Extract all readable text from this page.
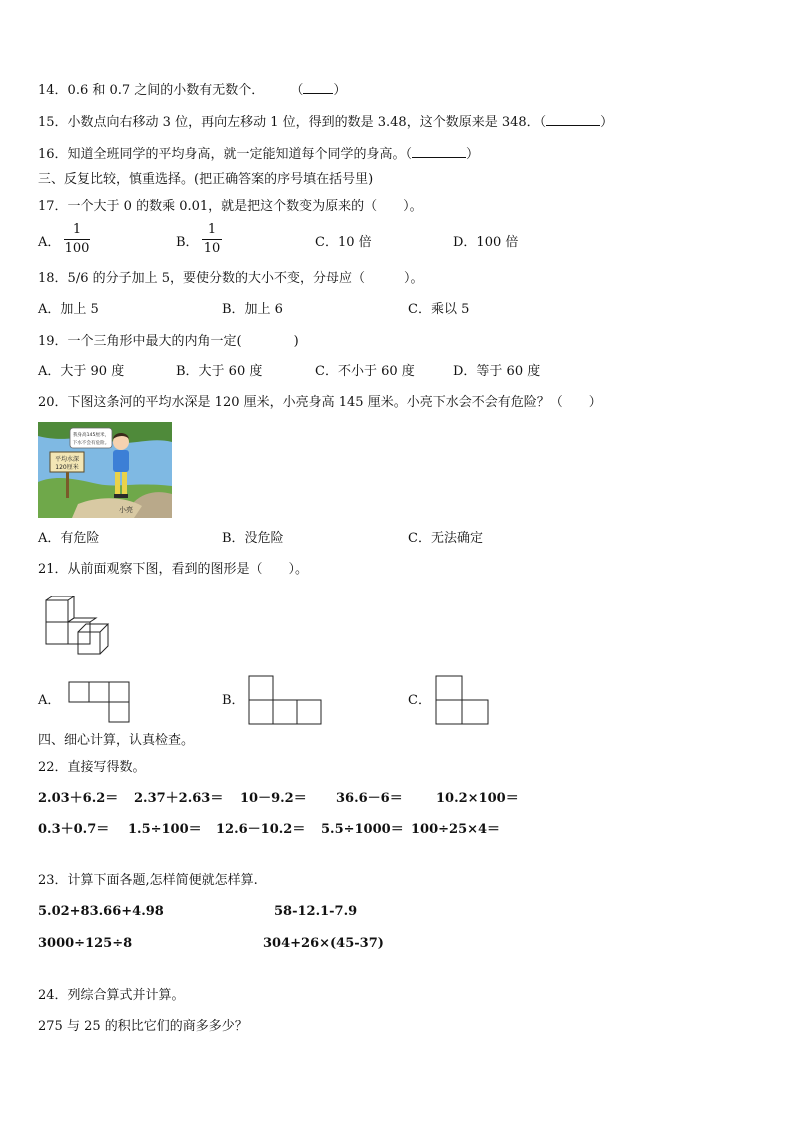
14．0.6 和 0.7 之间的小数有无数个．　　　	（ ）
15．小数点向右移动 3 位，再向左移动 1 位，得到的数是 3.48，这个数原来是 348．（	）
16．知道全班同学的平均身高，就一定能知道每个同学的身高。（	）
三、反复比较，慎重选择。(把正确答案的序号填在括号里)
17．一个大于 0 的数乘 0.01，就是把这个数变为原来的（　　）。
A．
1
100	B．
1
10	C．10 倍	D．100 倍
18．5/6 的分子加上 5，要使分数的大小不变，分母应（　　　）。
A．加上 5	B．加上 6	C．乘以 5
19．一个三角形中最大的内角一定(　　　　)
A．大于 90 度	B．大于 60 度	C．不小于 60 度	D．等于 60 度
20．下图这条河的平均水深是 120 厘米，小亮身高 145 厘米。小亮下水会不会有危险？（　　）
平均水深
120厘米
我身高145厘米，
下水不会有危险。
小亮
A．有危险	B．没危险	C．无法确定
21．从前面观察下图，看到的图形是（　　）。
A．	B．	C．
四、细心计算，认真检查。
22．直接写得数。
2.03＋6.2＝ 2.37＋2.63＝ 10－9.2＝ 36.6－6＝	10.2×100＝
0.3＋0.7＝ 1.5÷100＝ 12.6－10.2＝ 5.5÷1000＝ 100÷25×4＝
23．计算下面各题,怎样简便就怎样算.
5.02+83.66+4.98	58-12.1-7.9
3000÷125÷8	304+26×(45-37)
24．列综合算式并计算。
275 与 25 的积比它们的商多多少？
